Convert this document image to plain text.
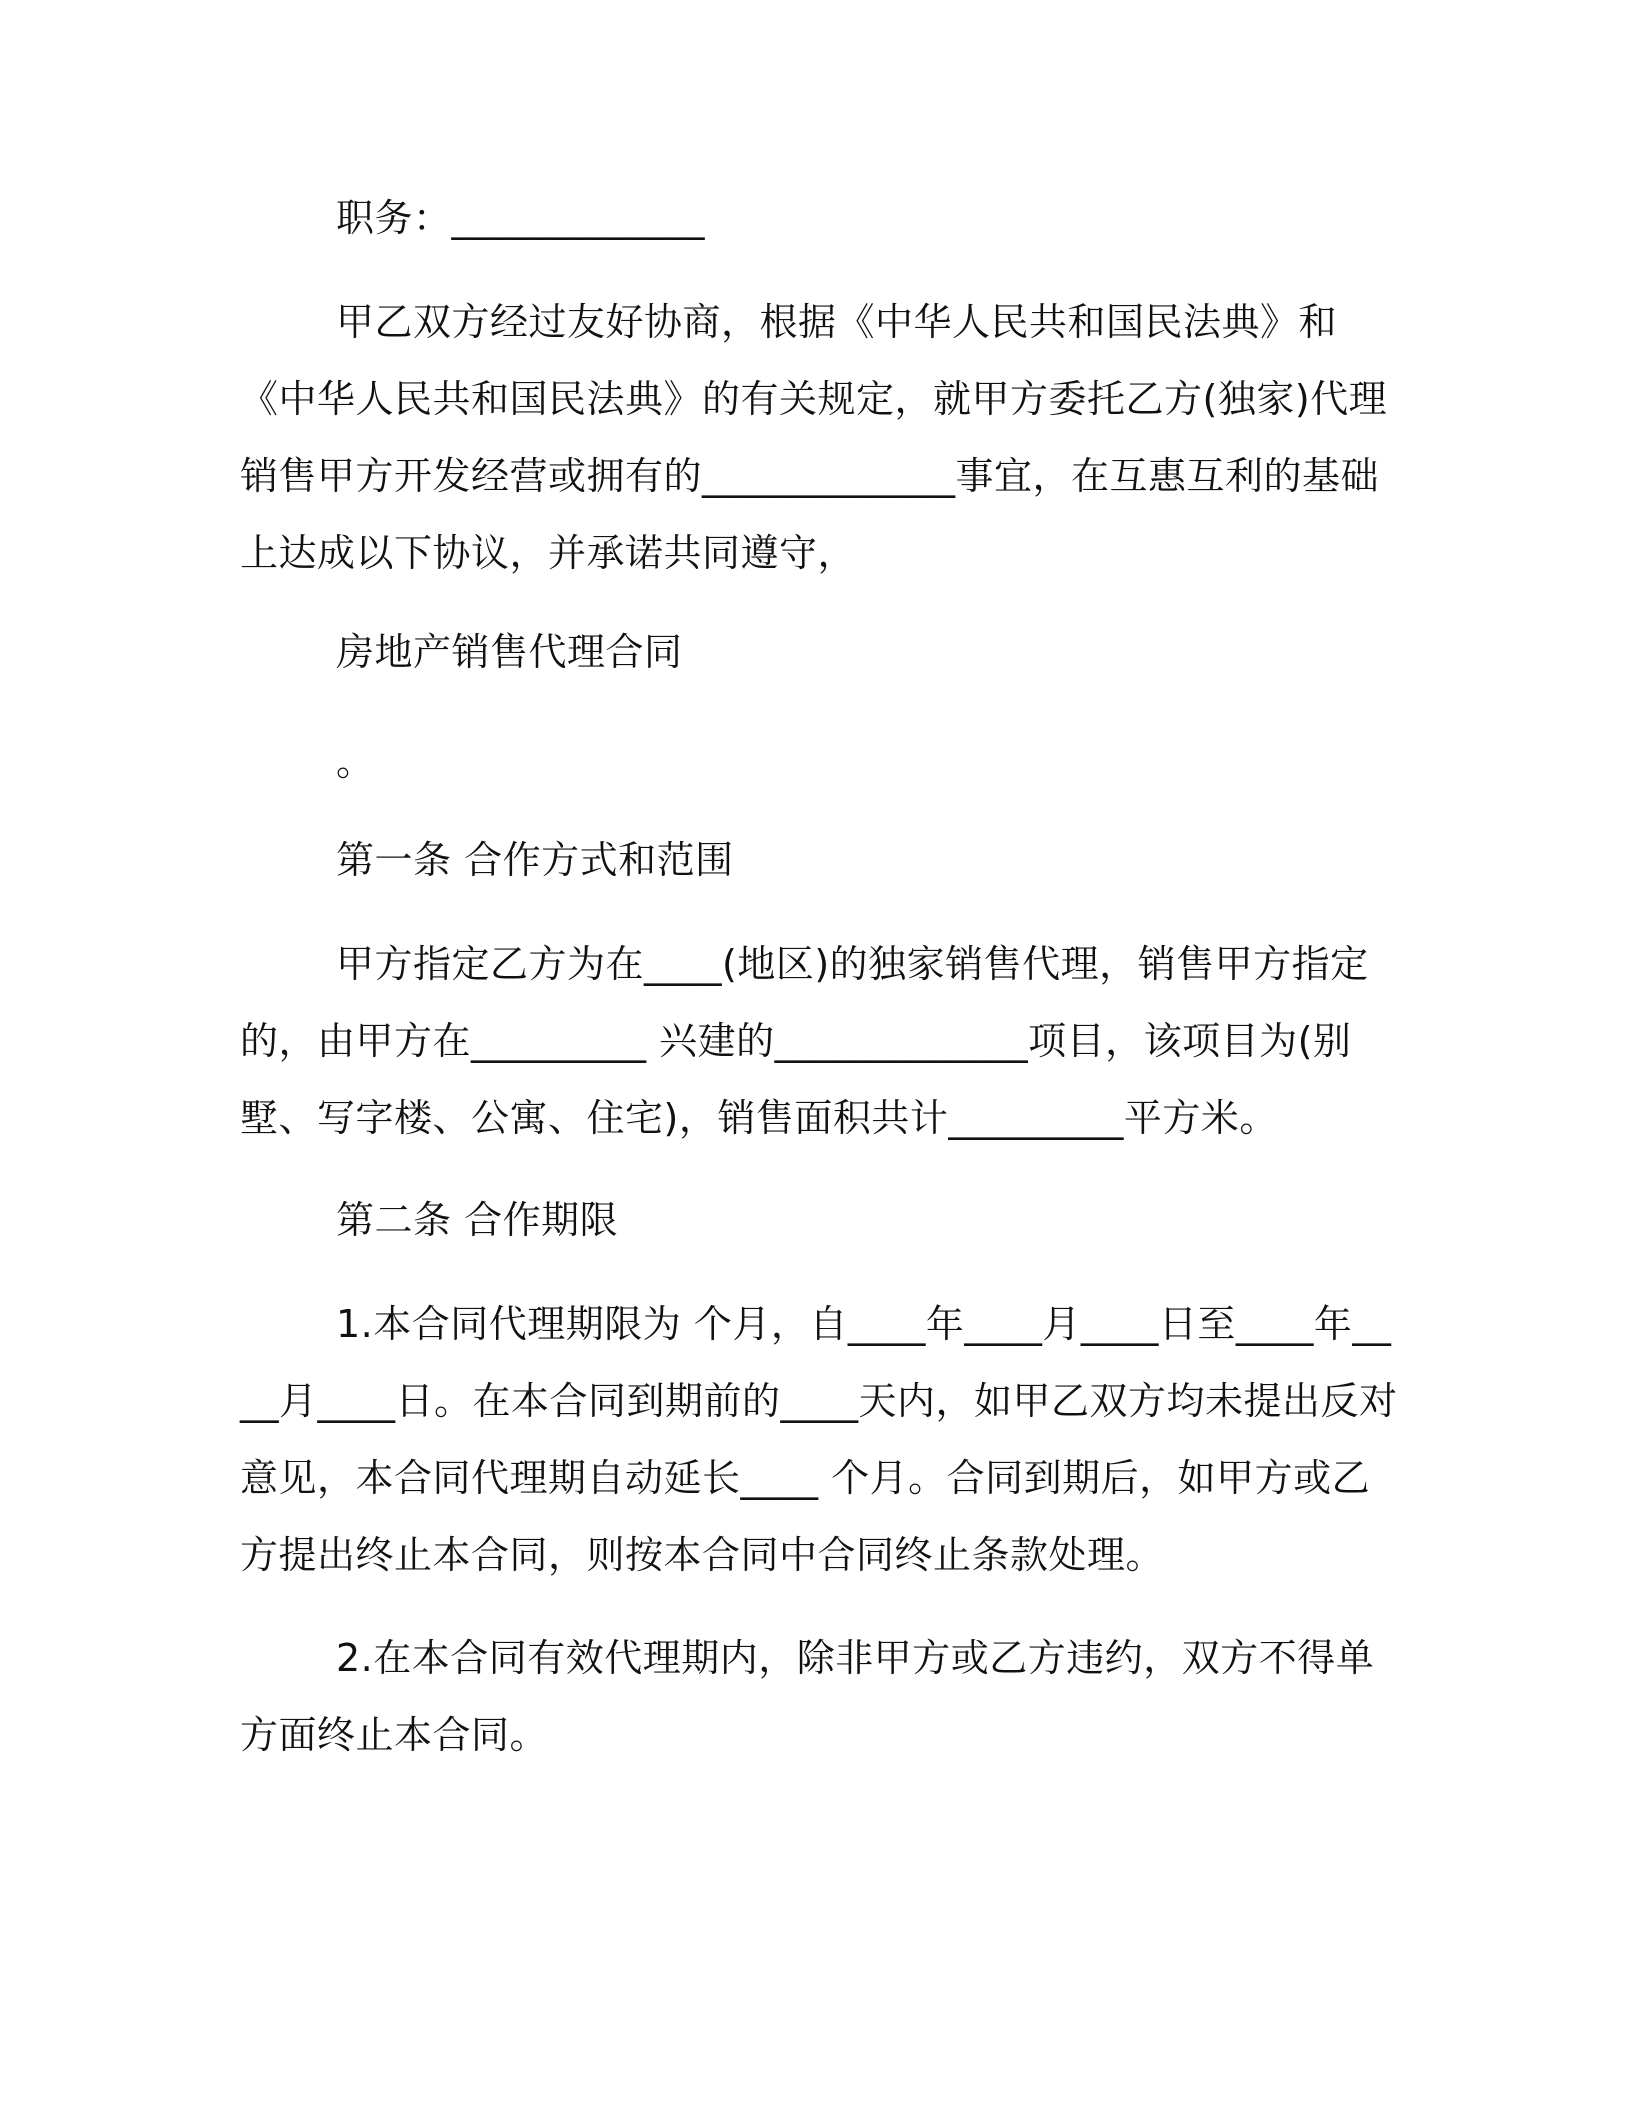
职务：_____________

甲乙双方经过友好协商，根据《中华人民共和国民法典》和《中华人民共和国民法典》的有关规定，就甲方委托乙方(独家)代理销售甲方开发经营或拥有的_____________事宜，在互惠互利的基础上达成以下协议，并承诺共同遵守，

房地产销售代理合同

。

第一条 合作方式和范围

甲方指定乙方为在____(地区)的独家销售代理，销售甲方指定的，由甲方在_________ 兴建的_____________项目，该项目为(别墅、写字楼、公寓、住宅)，销售面积共计_________平方米。

第二条 合作期限

1.本合同代理期限为 个月，自____年____月____日至____年____月____日。在本合同到期前的____天内，如甲乙双方均未提出反对意见，本合同代理期自动延长____ 个月。合同到期后，如甲方或乙方提出终止本合同，则按本合同中合同终止条款处理。

2.在本合同有效代理期内，除非甲方或乙方违约，双方不得单方面终止本合同。
